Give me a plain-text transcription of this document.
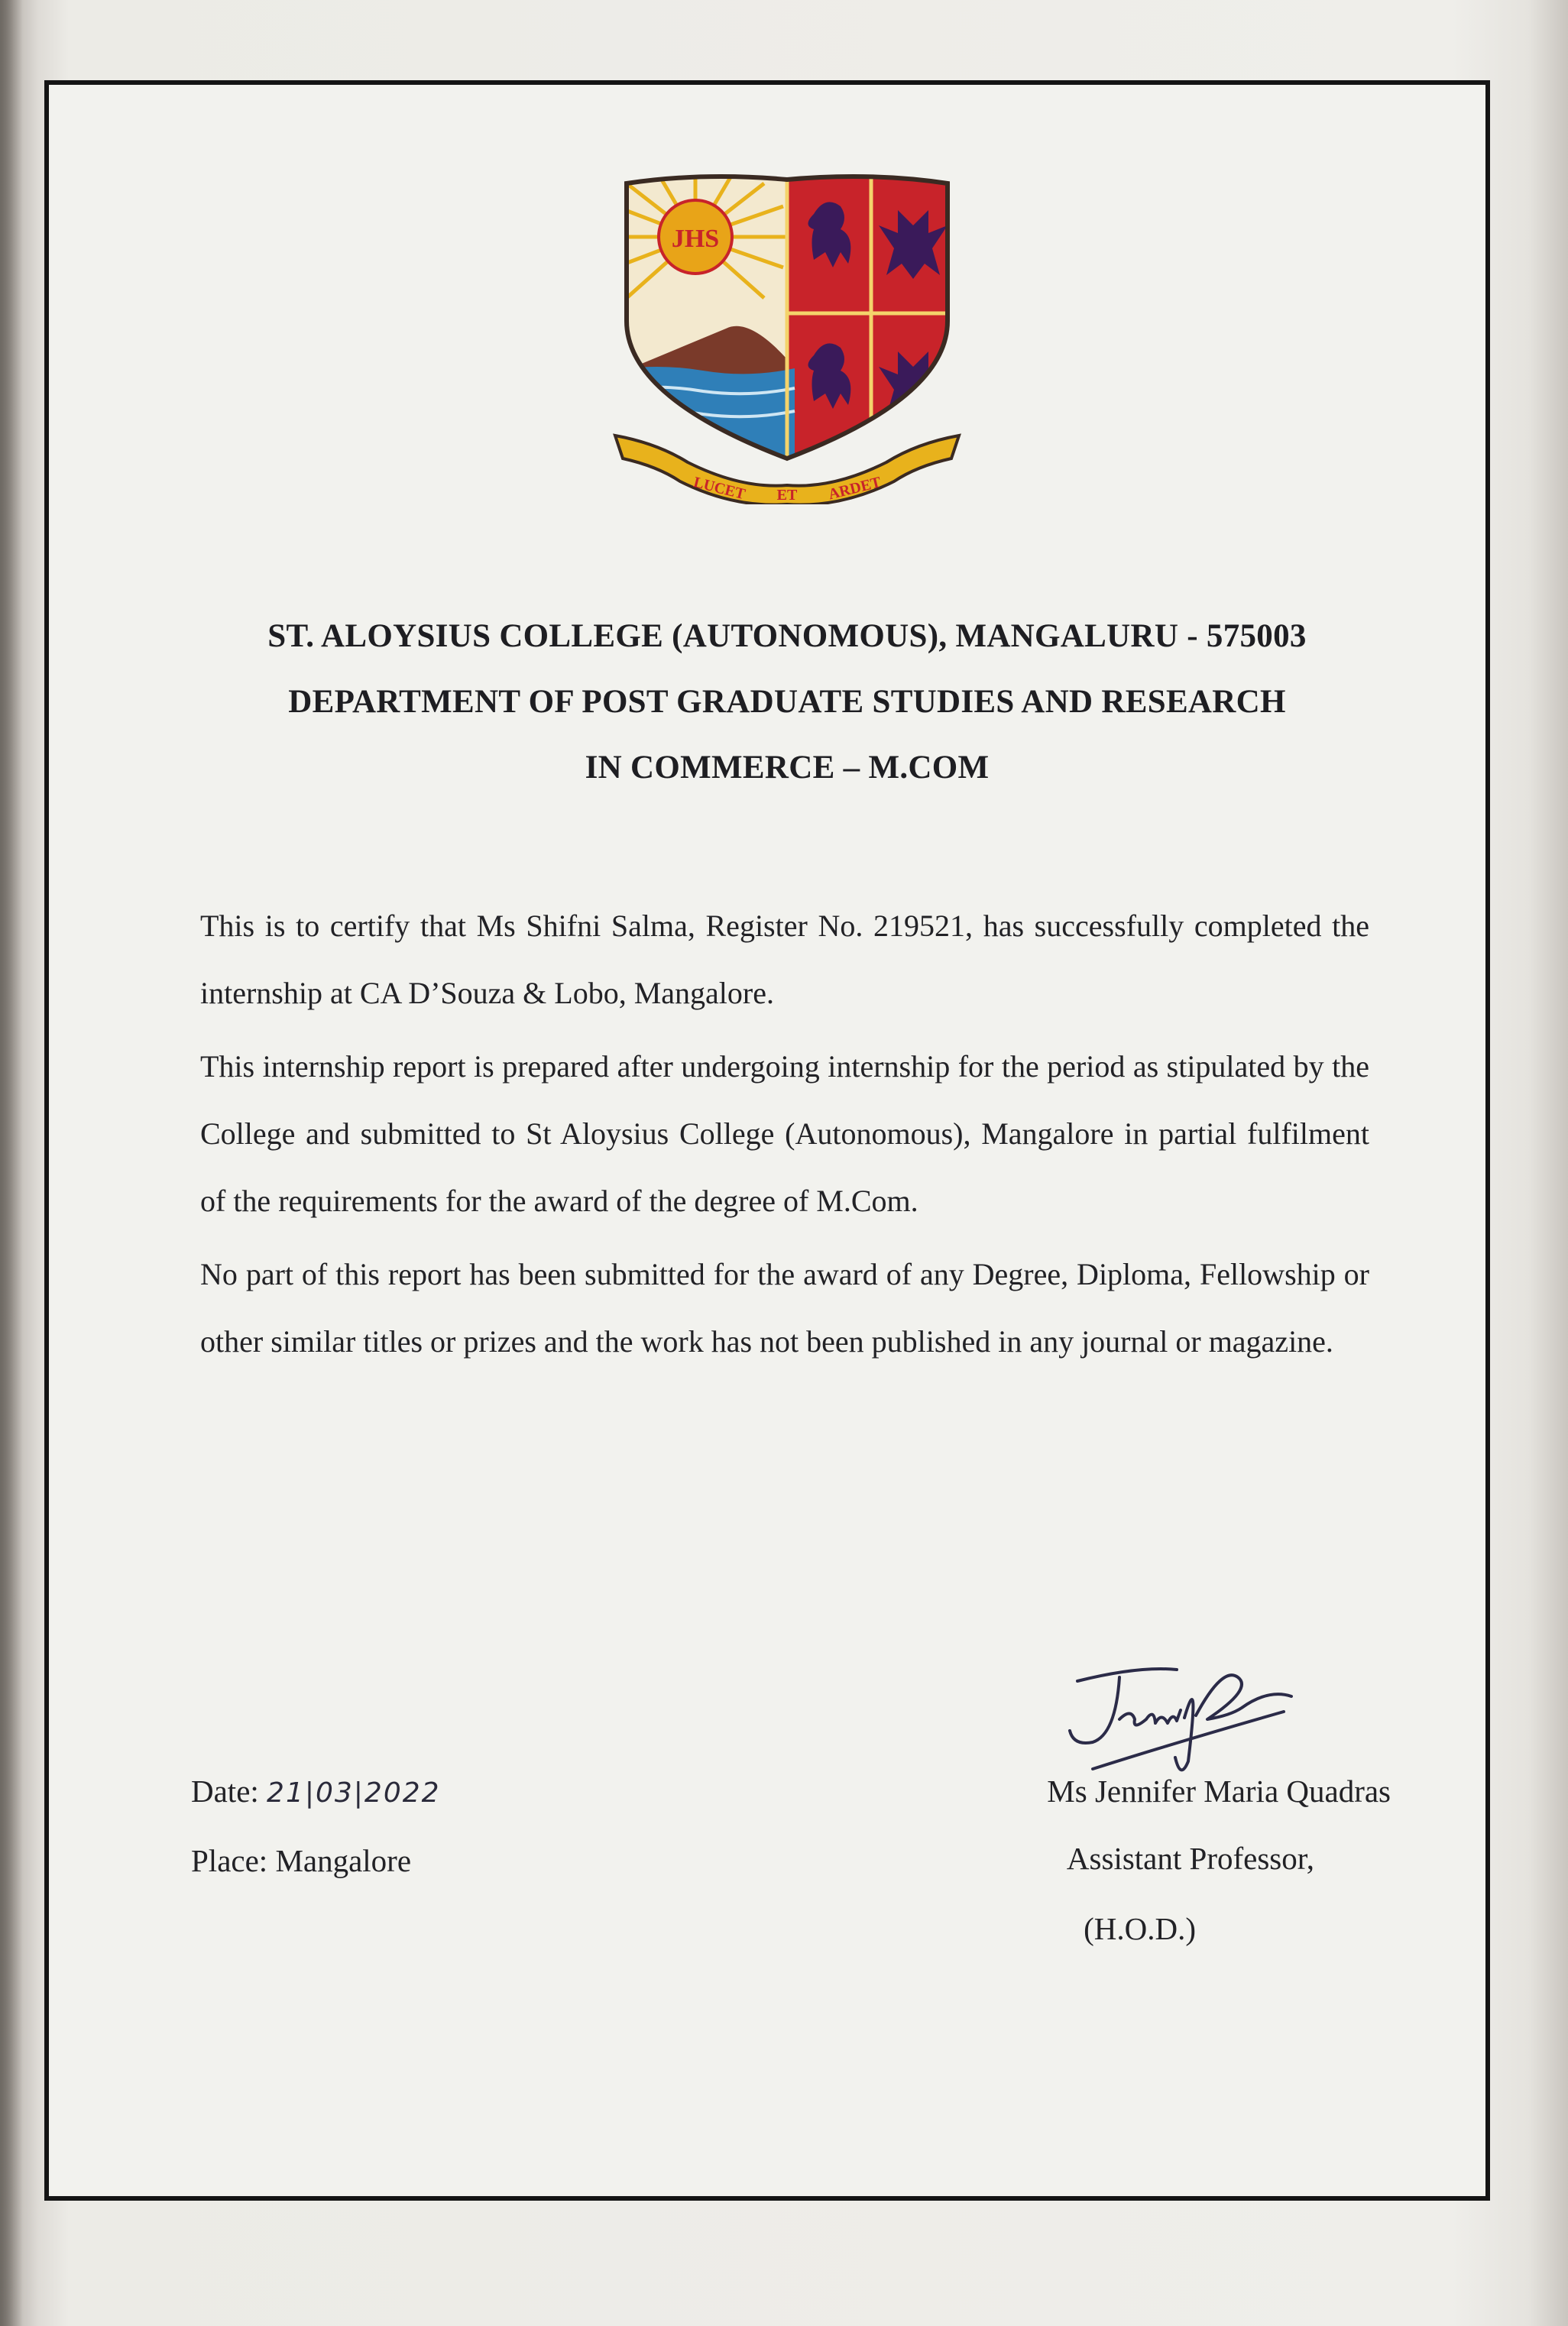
JHS
LUCET ET ARDET
ST. ALOYSIUS COLLEGE (AUTONOMOUS), MANGALURU - 575003
DEPARTMENT OF POST GRADUATE STUDIES AND RESEARCH
IN COMMERCE – M.COM

This is to certify that Ms Shifni Salma, Register No. 219521, has successfully completed the internship at CA D’Souza & Lobo, Mangalore.

This internship report is prepared after undergoing internship for the period as stipulated by the College and submitted to St Aloysius College (Autonomous), Mangalore in partial fulfilment of the requirements for the award of the degree of M.Com.

No part of this report has been submitted for the award of any Degree, Diploma, Fellowship or other similar titles or prizes and the work has not been published in any journal or magazine.

Date: 21|03|2022
Place: Mangalore
Ms Jennifer Maria Quadras
Assistant Professor,
(H.O.D.)
